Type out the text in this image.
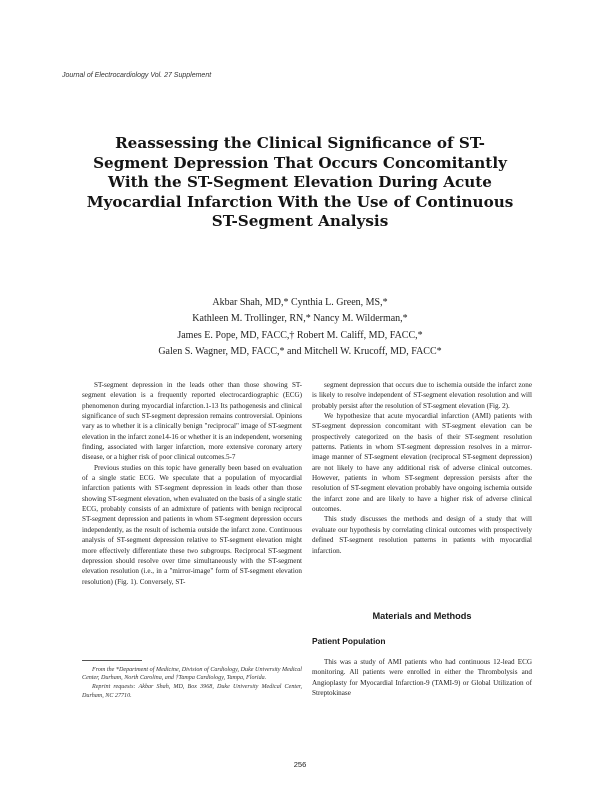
Journal of Electrocardiology Vol. 27 Supplement
Reassessing the Clinical Significance of ST-Segment Depression That Occurs Concomitantly With the ST-Segment Elevation During Acute Myocardial Infarction With the Use of Continuous ST-Segment Analysis
Akbar Shah, MD,* Cynthia L. Green, MS,*
Kathleen M. Trollinger, RN,* Nancy M. Wilderman,*
James E. Pope, MD, FACC,† Robert M. Califf, MD, FACC,*
Galen S. Wagner, MD, FACC,* and Mitchell W. Krucoff, MD, FACC*

ST-segment depression in the leads other than those showing ST-segment elevation is a frequently reported electrocardiographic (ECG) phenomenon during myocardial infarction.1-13 Its pathogenesis and clinical significance of such ST-segment depression remains controversial. Opinions vary as to whether it is a clinically benign "reciprocal" image of ST-segment elevation in the infarct zone14-16 or whether it is an independent, worsening finding, associated with larger infarction, more extensive coronary artery disease, or a higher risk of poor clinical outcomes.5-7

Previous studies on this topic have generally been based on evaluation of a single static ECG. We speculate that a population of myocardial infarction patients with ST-segment depression in leads other than those showing ST-segment elevation, when evaluated on the basis of a single static ECG, probably consists of an admixture of patients with benign reciprocal ST-segment depression and patients in whom ST-segment depression occurs independently, as the result of ischemia outside the infarct zone. Continuous analysis of ST-segment depression relative to ST-segment elevation might more effectively differentiate these two subgroups. Reciprocal ST-segment depression should resolve over time simultaneously with the ST-segment elevation resolution (i.e., in a "mirror-image" form of ST-segment elevation resolution) (Fig. 1). Conversely, ST-

segment depression that occurs due to ischemia outside the infarct zone is likely to resolve independent of ST-segment elevation resolution and will probably persist after the resolution of ST-segment elevation (Fig. 2).

We hypothesize that acute myocardial infarction (AMI) patients with ST-segment depression concomitant with ST-segment elevation can be prospectively categorized on the basis of their ST-segment resolution patterns. Patients in whom ST-segment depression resolves in a mirror-image manner of ST-segment elevation (reciprocal ST-segment depression) are not likely to have any additional risk of adverse clinical outcomes. However, patients in whom ST-segment depression persists after the resolution of ST-segment elevation probably have ongoing ischemia outside the infarct zone and are likely to have a higher risk of adverse clinical outcomes.

This study discusses the methods and design of a study that will evaluate our hypothesis by correlating clinical outcomes with prospectively defined ST-segment resolution patterns in patients with myocardial infarction.

Materials and Methods
Patient Population

This was a study of AMI patients who had continuous 12-lead ECG monitoring. All patients were enrolled in either the Thrombolysis and Angioplasty for Myocardial Infarction-9 (TAMI-9) or Global Utilization of Streptokinase

From the *Department of Medicine, Division of Cardiology, Duke University Medical Center, Durham, North Carolina, and †Tampa Cardiology, Tampa, Florida.

Reprint requests: Akbar Shah, MD, Box 3968, Duke University Medical Center, Durham, NC 27710.

256
